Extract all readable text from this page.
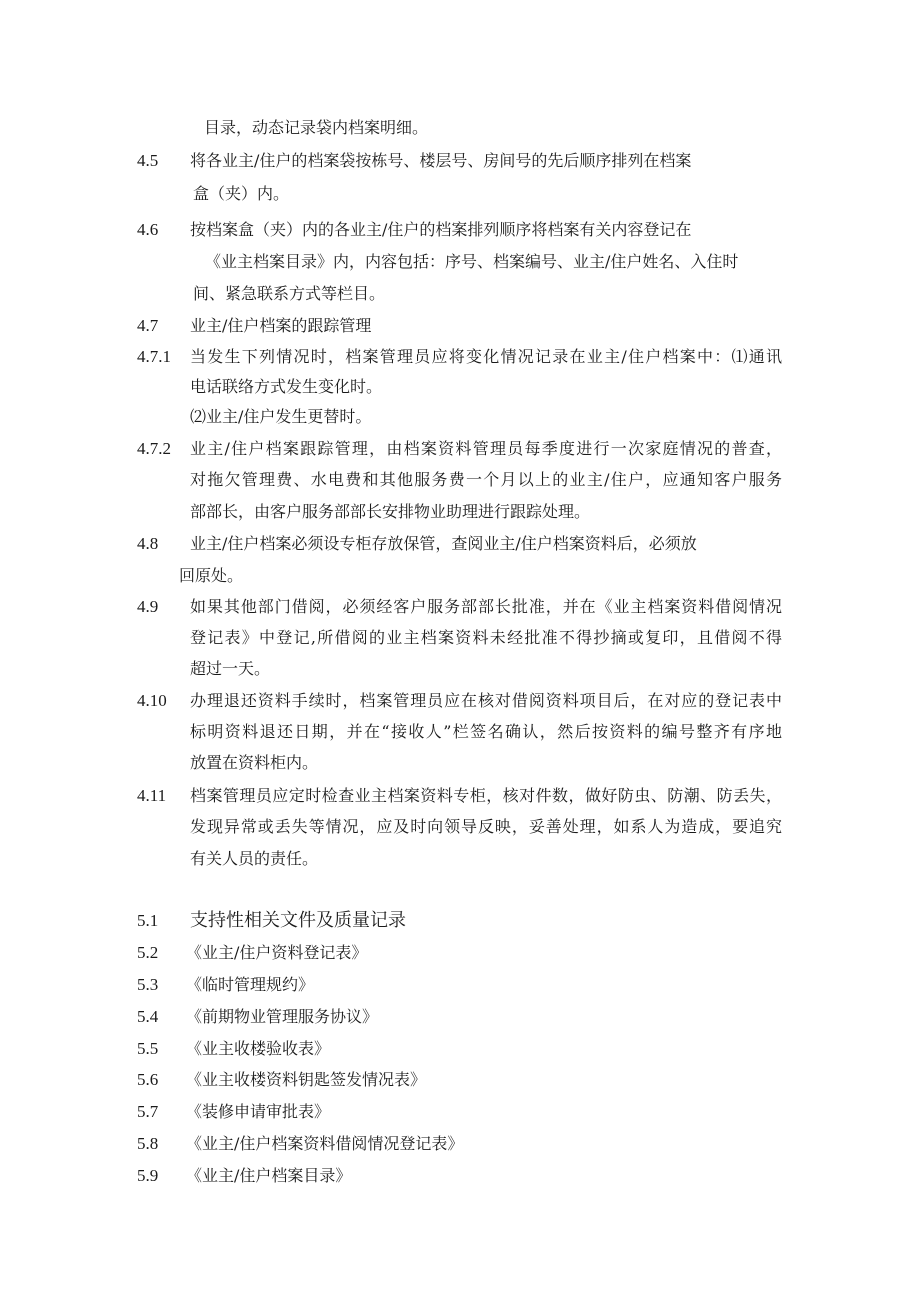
目录，动态记录袋内档案明细。
4.5 将各业主/住户的档案袋按栋号、楼层号、房间号的先后顺序排列在档案
盒（夹）内。
4.6 按档案盒（夹）内的各业主/住户的档案排列顺序将档案有关内容登记在
《业主档案目录》内，内容包括：序号、档案编号、业主/住户姓名、入住时
间、紧急联系方式等栏目。
4.7 业主/住户档案的跟踪管理
4.7.1 当发生下列情况时，档案管理员应将变化情况记录在业主/住户档案中：⑴通讯
电话联络方式发生变化时。
⑵业主/住户发生更替时。
4.7.2 业主/住户档案跟踪管理，由档案资料管理员每季度进行一次家庭情况的普查，
对拖欠管理费、水电费和其他服务费一个月以上的业主/住户，应通知客户服务
部部长，由客户服务部部长安排物业助理进行跟踪处理。
4.8 业主/住户档案必须设专柜存放保管，查阅业主/住户档案资料后，必须放
回原处。
4.9 如果其他部门借阅，必须经客户服务部部长批准，并在《业主档案资料借阅情况
登记表》中登记,所借阅的业主档案资料未经批准不得抄摘或复印，且借阅不得
超过一天。
4.10 办理退还资料手续时，档案管理员应在核对借阅资料项目后，在对应的登记表中
标明资料退还日期，并在“接收人”栏签名确认，然后按资料的编号整齐有序地
放置在资料柜内。
4.11 档案管理员应定时检查业主档案资料专柜，核对件数，做好防虫、防潮、防丢失，
发现异常或丢失等情况，应及时向领导反映，妥善处理，如系人为造成，要追究
有关人员的责任。
5.1 支持性相关文件及质量记录
5.2 《业主/住户资料登记表》
5.3 《临时管理规约》
5.4 《前期物业管理服务协议》
5.5 《业主收楼验收表》
5.6 《业主收楼资料钥匙签发情况表》
5.7 《装修申请审批表》
5.8 《业主/住户档案资料借阅情况登记表》
5.9 《业主/住户档案目录》
